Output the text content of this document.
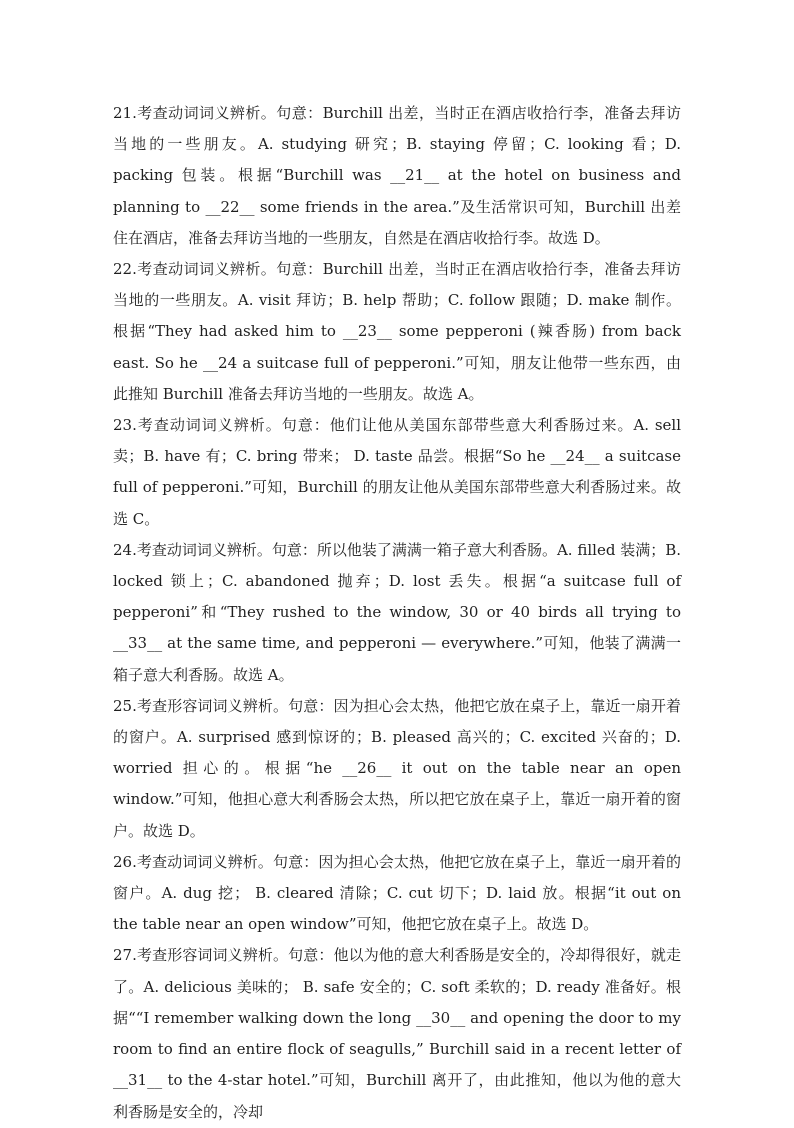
21.考查动词词义辨析。句意：Burchill 出差，当时正在酒店收拾行李，准备去拜访当地的一些朋友。A. studying 研究；B. staying 停留；C. looking 看；D. packing 包装。根据“Burchill was __21__ at the hotel on business and planning to __22__ some friends in the area.”及生活常识可知，Burchill 出差住在酒店，准备去拜访当地的一些朋友，自然是在酒店收拾行李。故选 D。

22.考查动词词义辨析。句意：Burchill 出差，当时正在酒店收拾行李，准备去拜访当地的一些朋友。A. visit 拜访；B. help 帮助；C. follow 跟随；D. make 制作。根据“They had asked him to __23__ some pepperoni (辣香肠) from back east. So he __24 a suitcase full of pepperoni.”可知，朋友让他带一些东西，由此推知 Burchill 准备去拜访当地的一些朋友。故选 A。

23.考查动词词义辨析。句意：他们让他从美国东部带些意大利香肠过来。A. sell 卖；B. have 有；C. bring 带来； D. taste 品尝。根据“So he __24__ a suitcase full of pepperoni.”可知，Burchill 的朋友让他从美国东部带些意大利香肠过来。故选 C。

24.考查动词词义辨析。句意：所以他装了满满一箱子意大利香肠。A. filled 装满；B. locked 锁上；C. abandoned 抛弃；D. lost 丢失。根据“a suitcase full of pepperoni”和“They rushed to the window, 30 or 40 birds all trying to __33__ at the same time, and pepperoni — everywhere.”可知，他装了满满一箱子意大利香肠。故选 A。

25.考查形容词词义辨析。句意：因为担心会太热，他把它放在桌子上，靠近一扇开着的窗户。A. surprised 感到惊讶的；B. pleased 高兴的；C. excited 兴奋的；D. worried 担心的。根据“he __26__ it out on the table near an open window.”可知，他担心意大利香肠会太热，所以把它放在桌子上，靠近一扇开着的窗户。故选 D。

26.考查动词词义辨析。句意：因为担心会太热，他把它放在桌子上，靠近一扇开着的窗户。A. dug 挖； B. cleared 清除；C. cut 切下；D. laid 放。根据“it out on the table near an open window”可知，他把它放在桌子上。故选 D。

27.考查形容词词义辨析。句意：他以为他的意大利香肠是安全的，冷却得很好，就走了。A. delicious 美味的； B. safe 安全的；C. soft 柔软的；D. ready 准备好。根据““I remember walking down the long __30__ and opening the door to my room to find an entire flock of seagulls,” Burchill said in a recent letter of __31__ to the 4-star hotel.”可知，Burchill 离开了，由此推知，他以为他的意大利香肠是安全的，冷却
